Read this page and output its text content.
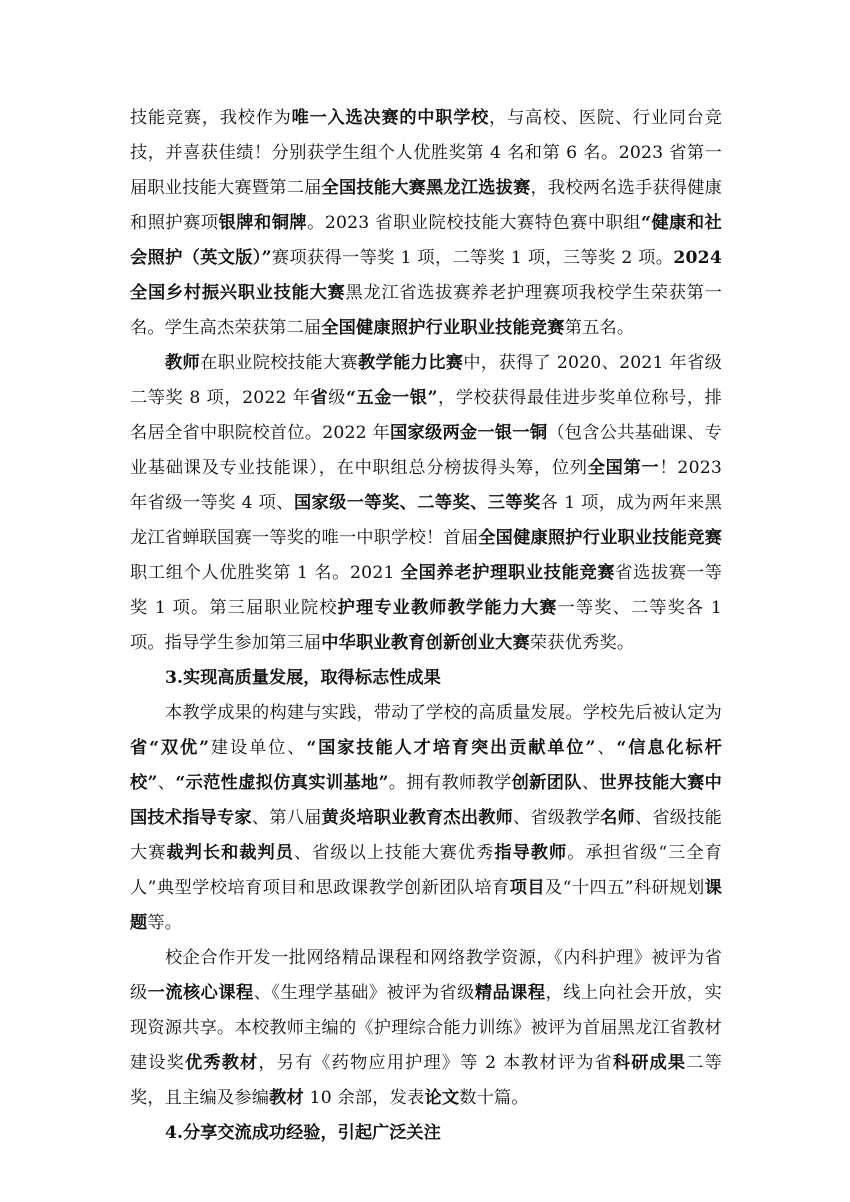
技能竞赛，我校作为唯一入选决赛的中职学校，与高校、医院、行业同台竞技，并喜获佳绩！分别获学生组个人优胜奖第 4 名和第 6 名。2023 省第一届职业技能大赛暨第二届全国技能大赛黑龙江选拔赛，我校两名选手获得健康和照护赛项银牌和铜牌。2023 省职业院校技能大赛特色赛中职组“健康和社会照护（英文版）”赛项获得一等奖 1 项，二等奖 1 项，三等奖 2 项。2024 全国乡村振兴职业技能大赛黑龙江省选拔赛养老护理赛项我校学生荣获第一名。学生高杰荣获第二届全国健康照护行业职业技能竞赛第五名。

教师在职业院校技能大赛教学能力比赛中，获得了 2020、2021 年省级二等奖 8 项，2022 年省级“五金一银”，学校获得最佳进步奖单位称号，排名居全省中职院校首位。2022 年国家级两金一银一铜（包含公共基础课、专业基础课及专业技能课），在中职组总分榜拔得头筹，位列全国第一！2023 年省级一等奖 4 项、国家级一等奖、二等奖、三等奖各 1 项，成为两年来黑龙江省蝉联国赛一等奖的唯一中职学校！首届全国健康照护行业职业技能竞赛职工组个人优胜奖第 1 名。2021 全国养老护理职业技能竞赛省选拔赛一等奖 1 项。第三届职业院校护理专业教师教学能力大赛一等奖、二等奖各 1 项。指导学生参加第三届中华职业教育创新创业大赛荣获优秀奖。

3.实现高质量发展，取得标志性成果

本教学成果的构建与实践，带动了学校的高质量发展。学校先后被认定为省“双优”建设单位、“国家技能人才培育突出贡献单位”、“信息化标杆校”、“示范性虚拟仿真实训基地”。拥有教师教学创新团队、世界技能大赛中国技术指导专家、第八届黄炎培职业教育杰出教师、省级教学名师、省级技能大赛裁判长和裁判员、省级以上技能大赛优秀指导教师。承担省级“三全育人”典型学校培育项目和思政课教学创新团队培育项目及“十四五”科研规划课题等。

校企合作开发一批网络精品课程和网络教学资源，《内科护理》被评为省级一流核心课程、《生理学基础》被评为省级精品课程，线上向社会开放，实现资源共享。本校教师主编的《护理综合能力训练》被评为首届黑龙江省教材建设奖优秀教材，另有《药物应用护理》等 2 本教材评为省科研成果二等奖，且主编及参编教材 10 余部，发表论文数十篇。

4.分享交流成功经验，引起广泛关注
